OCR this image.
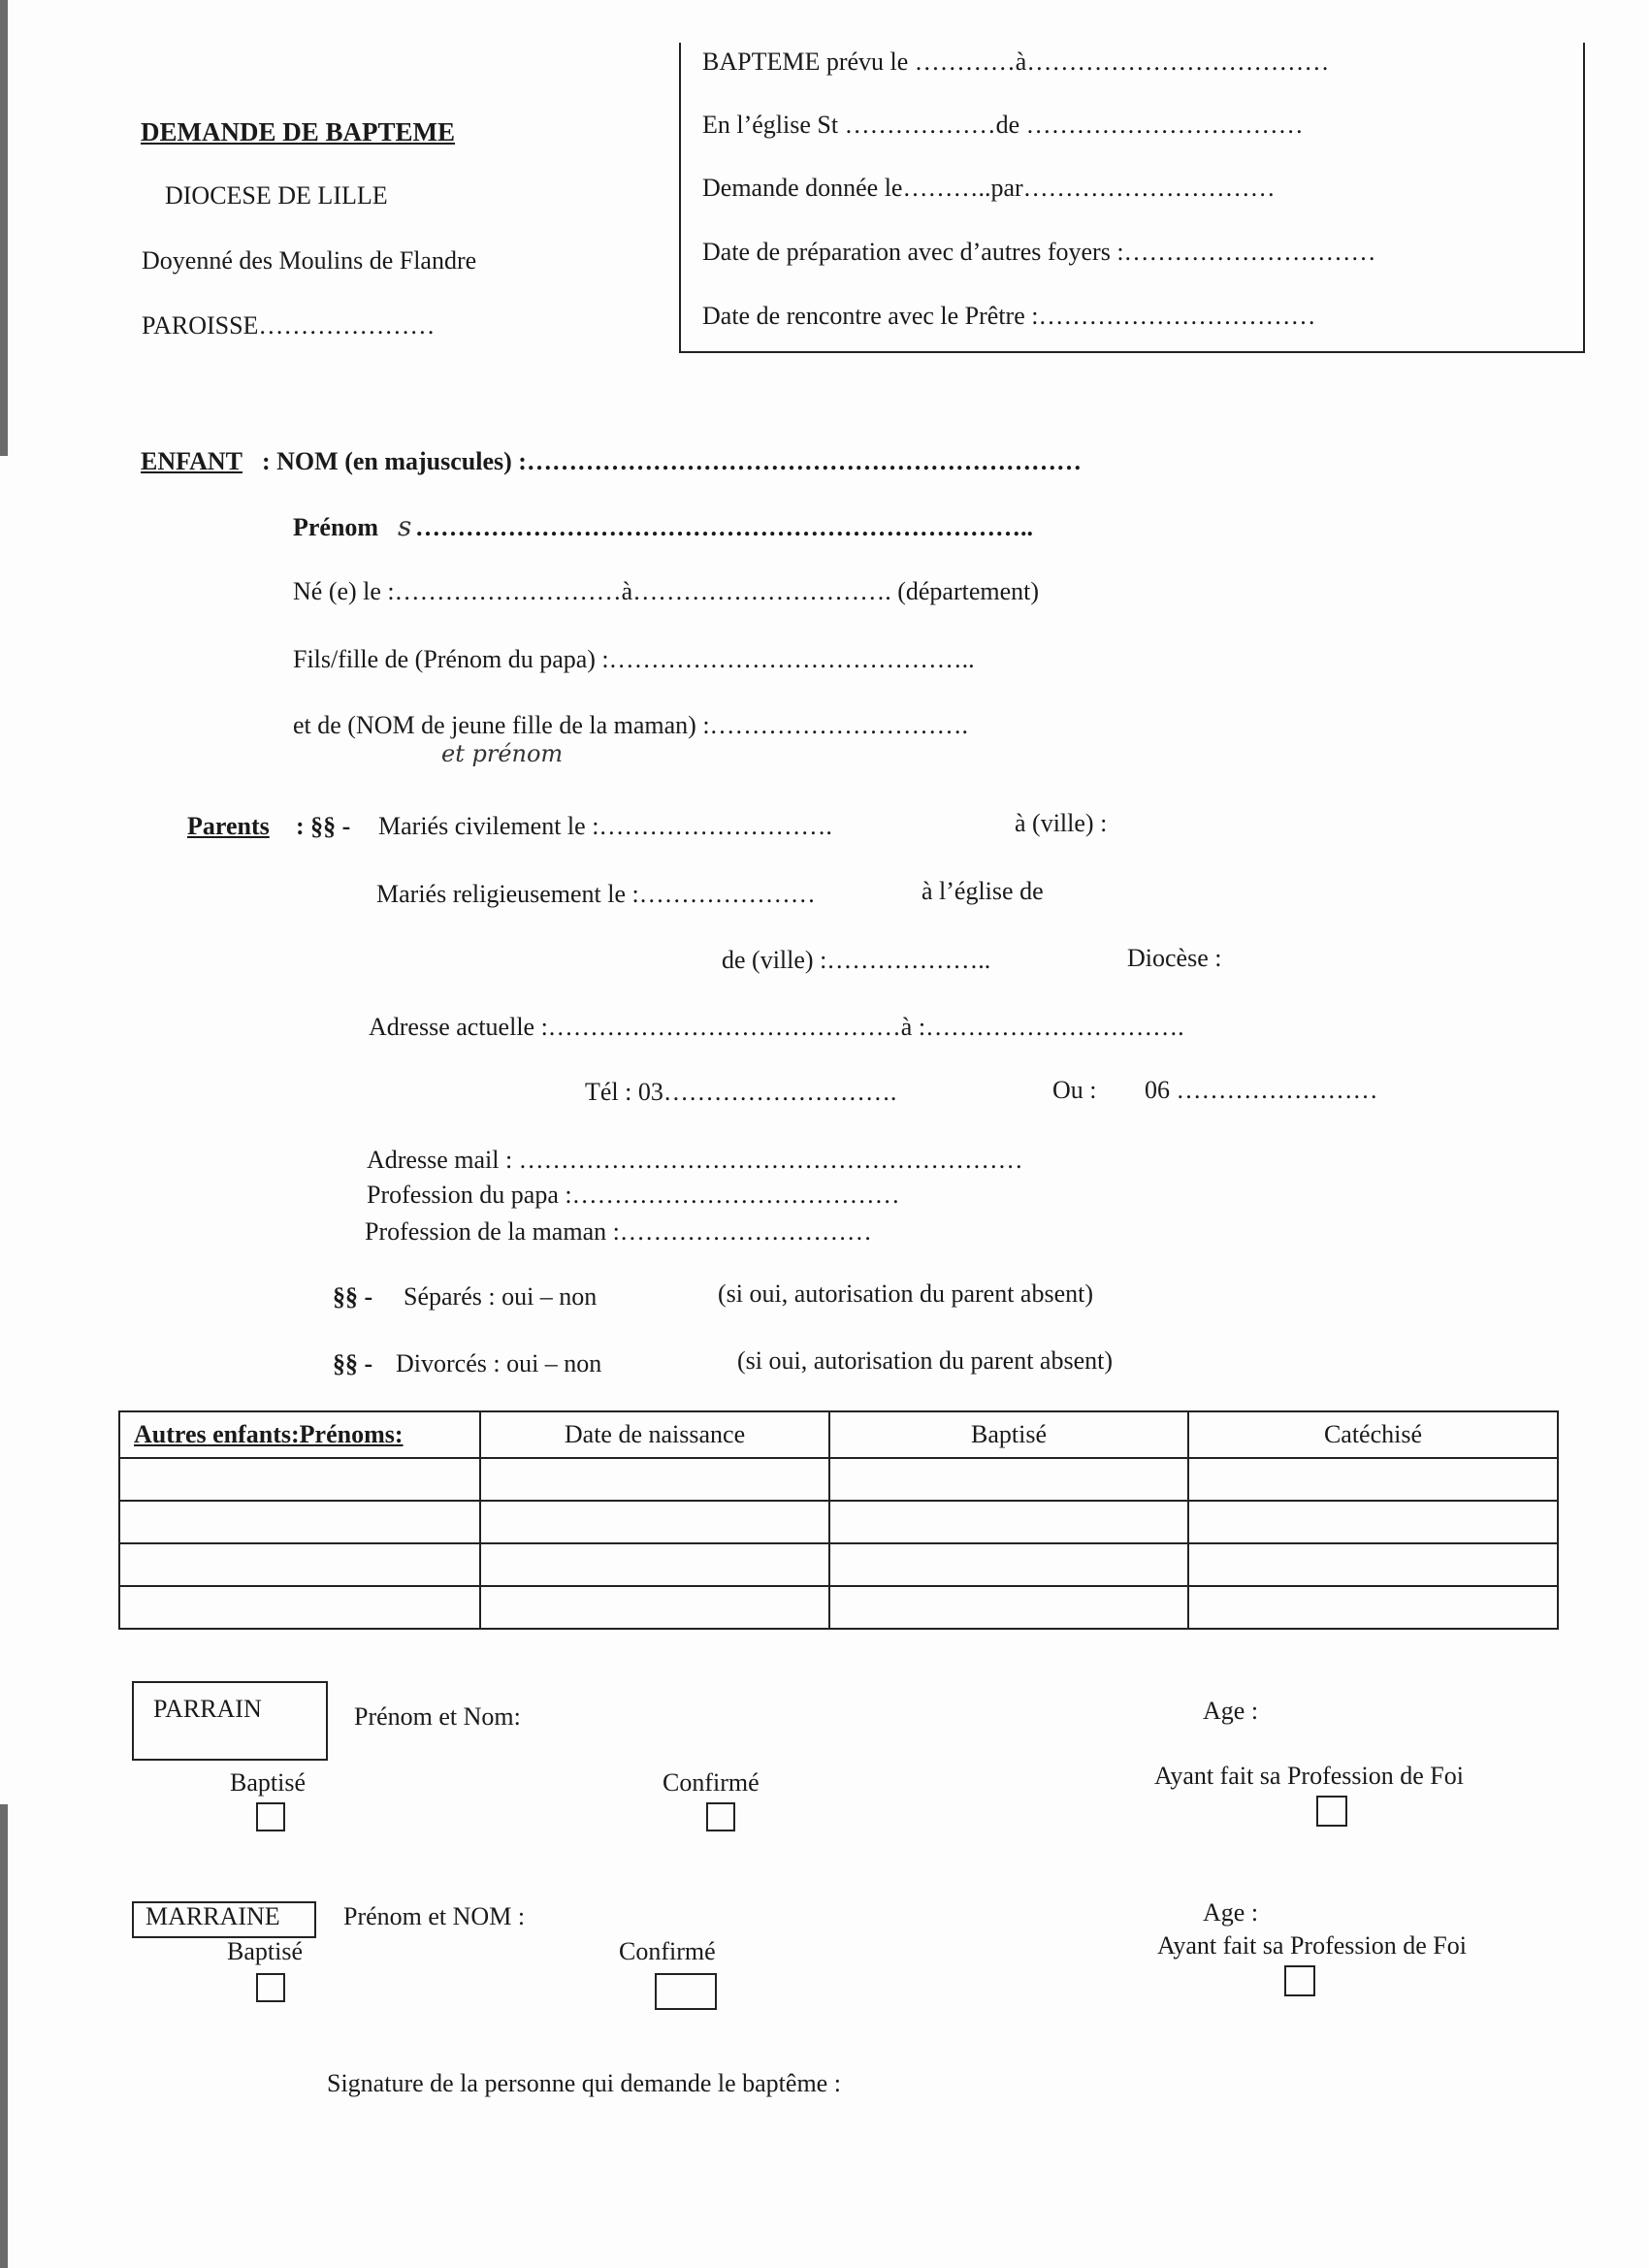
DEMANDE DE BAPTEME
DIOCESE DE LILLE
Doyenné des Moulins de Flandre
PAROISSE…………………
BAPTEME prévu le …………à………………………………
En l’église St ………………de ……………………………
Demande donnée le………..par…………………………
Date de préparation avec d’autres foyers :…………………………
Date de rencontre avec le Prêtre :……………………………
ENFANT : NOM (en majuscules) :…………………………………………………………
Prénom s ………………………………………………………………..
Né (e) le :………………………à…………………………. (département)
Fils/fille de (Prénom du papa) :……………………………………..
et de (NOM de jeune fille de la maman) :………………………….
et prénom
Parents : §§ - Mariés civilement le :……………………….	à (ville) :
Mariés religieusement le :…………………	à l’église de
de (ville) :………………..	Diocèse :
Adresse actuelle :……………………………………à :………………………….
Tél : 03……………………….	Ou : 06 ……………………
Adresse mail : ……………………………………………………
Profession du papa :…………………………………
Profession de la maman :…………………………
§§ - Séparés : oui – non	(si oui, autorisation du parent absent)
§§ - Divorcés : oui – non	(si oui, autorisation du parent absent)
Autres enfants:Prénoms:	Date de naissance	Baptisé	Catéchisé

PARRAIN	Prénom et Nom:	Age :
Baptisé	Confirmé	Ayant fait sa Profession de Foi
MARRAINE	Prénom et NOM :	Age :
Baptisé	Confirmé	Ayant fait sa Profession de Foi
Signature de la personne qui demande le baptême :
